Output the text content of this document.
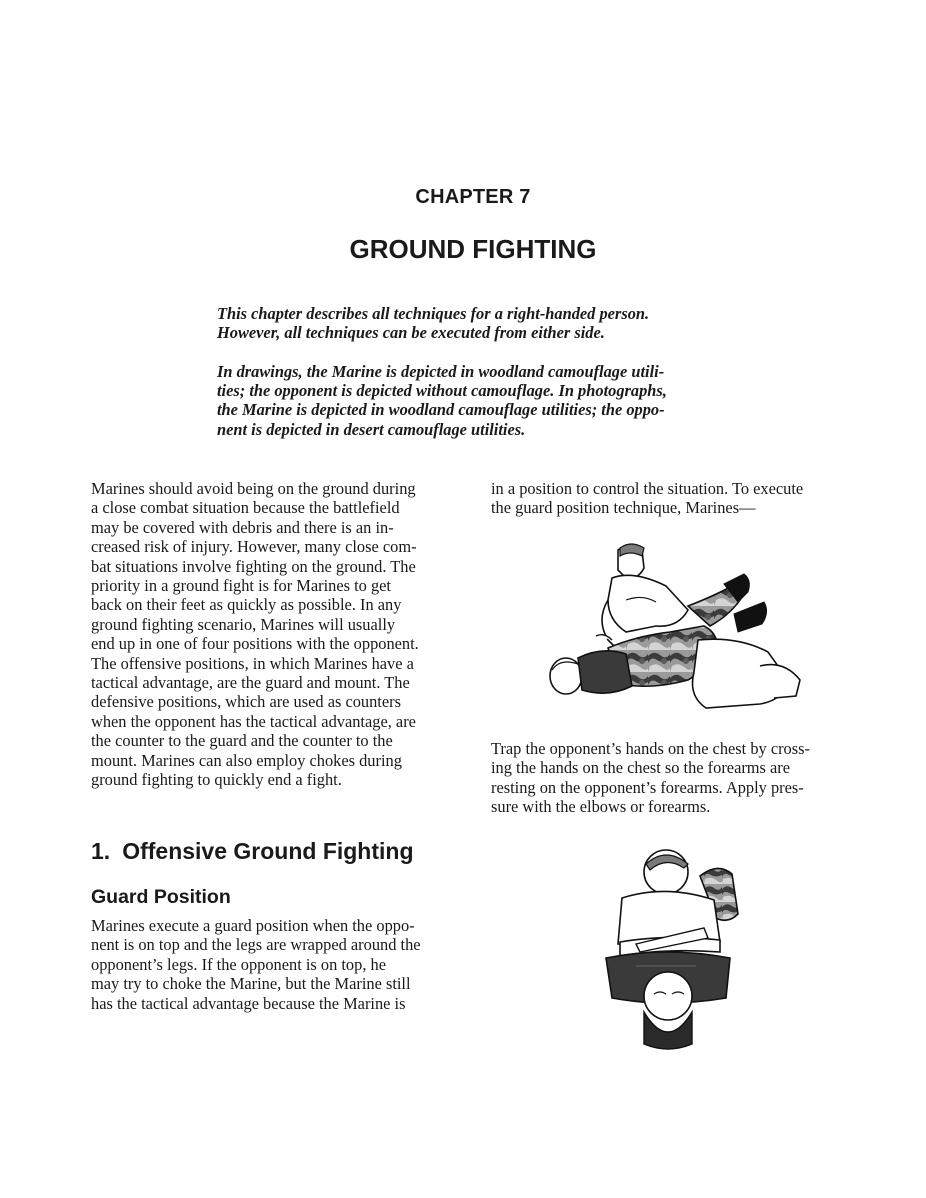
CHAPTER 7
GROUND FIGHTING
This chapter describes all techniques for a right-handed person.
However, all techniques can be executed from either side.
In drawings, the Marine is depicted in woodland camouflage utili-
ties; the opponent is depicted without camouflage. In photographs,
the Marine is depicted in woodland camouflage utilities; the oppo-
nent is depicted in desert camouflage utilities.
Marines should avoid being on the ground during
a close combat situation because the battlefield
may be covered with debris and there is an in-
creased risk of injury. However, many close com-
bat situations involve fighting on the ground. The
priority in a ground fight is for Marines to get
back on their feet as quickly as possible. In any
ground fighting scenario, Marines will usually
end up in one of four positions with the opponent.
The offensive positions, in which Marines have a
tactical advantage, are the guard and mount. The
defensive positions, which are used as counters
when the opponent has the tactical advantage, are
the counter to the guard and the counter to the
mount. Marines can also employ chokes during
ground fighting to quickly end a fight.
1. Offensive Ground Fighting
Guard Position
Marines execute a guard position when the oppo-
nent is on top and the legs are wrapped around the
opponent’s legs. If the opponent is on top, he
may try to choke the Marine, but the Marine still
has the tactical advantage because the Marine is
in a position to control the situation. To execute
the guard position technique, Marines—
Trap the opponent’s hands on the chest by cross-
ing the hands on the chest so the forearms are
resting on the opponent’s forearms. Apply pres-
sure with the elbows or forearms.
